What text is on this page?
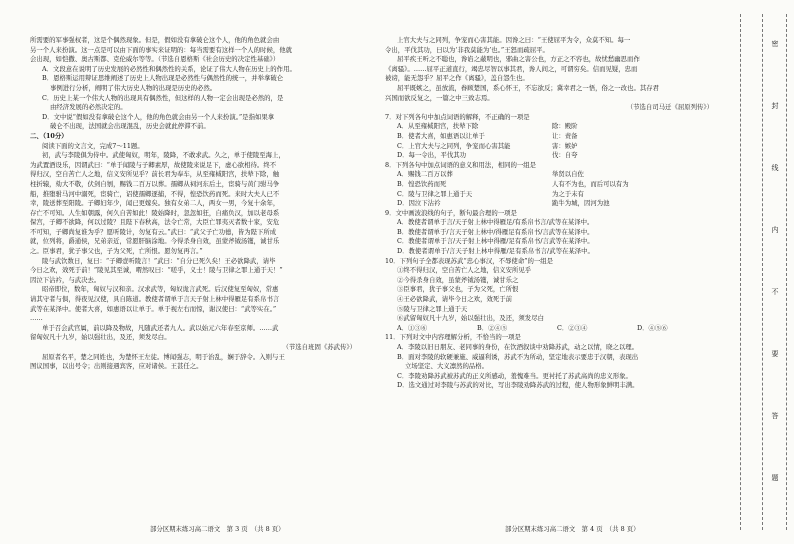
所需要的军事强权者，这是个偶然现象。但是，假如没有拿破仑这个人，他的角色就会由

另一个人来扮演。这一点是可以由下面的事实来证明的：每当需要有这样一个人的时候，他就

会出现，如恺撒、奥古斯都、克伦威尔等等。（节选自恩格斯《社会历史的决定性基础》）

A．文段意在说明了历史发展的必然性和偶然性的关系，论证了伟大人物在历史上的作用。

B．恩格斯运用辩证思维阐述了历史上人物出现是必然性与偶然性的统一，并举拿破仑

事例进行分析，阐明了伟大历史人物的出现是历史的必然。

C．历史上某一个伟大人物的出现具有偶然性，但这样的人物一定会出现是必然的，是

由经济发展的必然决定的。

D．文中说“假如没有拿破仑这个人，他的角色就会由另一个人来扮演。”是指如果拿

破仑不出现，法国就会出现混乱，历史会就此停滞不前。

二、（10分）

阅读下面的文言文，完成7～11题。

初，武与李陵俱为侍中。武使匈奴，明年，陵降，不敢求武。久之，单于使陵至海上，

为武置酒设乐，因谓武曰：“单于闻陵与子卿素厚，故使陵来说足下，虚心欲相待。终不

得归汉，空自苦亡人之地，信义安所见乎？前长君为奉车，从至雍棫阳宫，扶辇下除，触

柱折辕，劾大不敬，伏剑自刎，赐钱二百万以葬。孺卿从祠河东后土，宦骑与黄门驸马争

船，推堕驸马河中溺死，宦骑亡，诏使孺卿逐捕，不得，惶恐饮药而死。来时大夫人已不

幸，陵送葬至阳陵。子卿妇年少，闻已更嫁矣。独有女弟二人，两女一男，今复十余年，

存亡不可知。人生如朝露，何久自苦如此！陵始降时，忽忽如狂，自痛负汉，加以老母系

保宫，子卿不欲降，何以过陵？且陛下春秋高，法令亡常，大臣亡罪夷灭者数十家，安危

不可知，子卿尚复谁为乎？愿听陵计，勿复有云。”武曰：“武父子亡功德，皆为陛下所成

就，位列将，爵通侯，兄弟亲近，常愿肝脑涂地。今得杀身自效，虽蒙斧钺汤镬，诚甘乐

之。臣事君，犹子事父也，子为父死，亡所恨。愿勿复再言。”

陵与武饮数日，复曰：“子卿壹听陵言！”武曰：“自分已死久矣！王必欲降武，请毕

今日之欢，效死于前！”陵见其至诚，喟然叹曰：“嗟乎，义士！陵与卫律之罪上通于天！”

因泣下沾衿，与武决去。

昭帝即位，数年，匈奴与汉和亲。汉求武等，匈奴诡言武死。后汉使复至匈奴，常惠

请其守者与俱，得夜见汉使，具自陈道。教使者谓单于言天子射上林中得雁足有系帛书言

武等在某泽中。使者大喜，如惠语以让单于。单于视左右而惊，谢汉使曰：“武等实在。”

……

单于召会武官属，前以降及物故，凡随武还者九人。武以始元六年春至京师。……武

留匈奴凡十九岁，始以强壮出，及还，须发尽白。

（节选自班固《苏武传》）

屈原者名平，楚之同姓也，为楚怀王左徒。博闻强志，明于治乱，娴于辞令。入则与王

图议国事，以出号令；出则接遇宾客，应对诸侯。王甚任之。

上官大夫与之同列，争宠而心害其能。因谗之曰：“王使屈平为令，众莫不知。每一

令出，平伐其功，曰以为‘非我莫能为’也。”王怒而疏屈平。

屈平疾王听之不聪也，谗谄之蔽明也，邪曲之害公也，方正之不容也，故忧愁幽思而作

《离骚》。……屈平正道直行，竭忠尽智以事其君，谗人间之，可谓穷矣。信而见疑，忠而

被谤，能无怨乎？屈平之作《离骚》，盖自怨生也。

屈平既嫉之，虽放流，眷顾楚国，系心怀王，不忘欲反；冀幸君之一悟，俗之一改也。其存君

兴国而欲反复之，一篇之中三致志焉。

（节选自司马迁《屈原列传》）

7．对下列各句中加点词语的解释，不正确的一项是

A．从至雍棫阳宫，扶辇下除	除：殿阶
B．使者大喜，如惠语以让单于	让：责备
C．上官大夫与之同列，争宠而心害其能	害：嫉妒
D．每一令出，平伐其功	伐：自夸

8．下列各句中加点词语的意义和用法，相同的一组是

A．赐钱二百万以葬	举贤以自佐
B．惶恐饮药而死	人有不为也，而后可以有为
C．陵与卫律之罪上通于天	为之于未有
D．因泣下沾衿	跪牛为城，因河为池

9．文中画波浪线的句子，断句最合理的一项是

A．教使者谓单于言/天子射上林中得雁足/有系帛书言/武等在某泽中。

B．教使者谓单于/言天子射上林中/得雁足有系帛书/言武等在某泽中。

C．教使者谓单于言/天子射上林中得雁/足有系帛书/言武等在某泽中。

D．教使者谓单于/言天子射上林中得雁/足有系帛书言/武等在某泽中。

10．下列句子全都表现苏武“忠心事汉，不辱使命”的一组是

①终不得归汉，空自苦亡人之地，信义安所见乎

②今得杀身自效，虽蒙斧钺汤镬，诚甘乐之

③臣事君，犹子事父也，子为父死，亡所恨

④王必欲降武，请毕今日之欢，效死于前

⑤陵与卫律之罪上通于天

⑥武留匈奴凡十九岁，始以强壮出，及还，须发尽白

A．①③⑥	B．②④⑤	C．②③④	D．④⑤⑥

11．下列对文中内容理解分析，不恰当的一项是

A．李陵以旧日朋友、老同事的身份，在饮酒叙谈中劝降苏武，动之以情，晓之以理。

B．面对李陵的软硬兼施、威逼利诱，苏武不为所动，坚定地表示要忠于汉朝，表现出

立场坚定、大义凛然的品格。

C．李陵劝降苏武被苏武的正义所感动，羞愧难当。更衬托了苏武高尚的忠义形象。

D．选文通过对李陵与苏武的对比，写出李陵劝降苏武的过程，使人物形象鲜明丰满。

部分区期末练习高二语文　第 3 页　（共 8 页）	部分区期末练习高二语文　第 4 页　（共 8 页）
密
封
线
内
不
要
答
题
